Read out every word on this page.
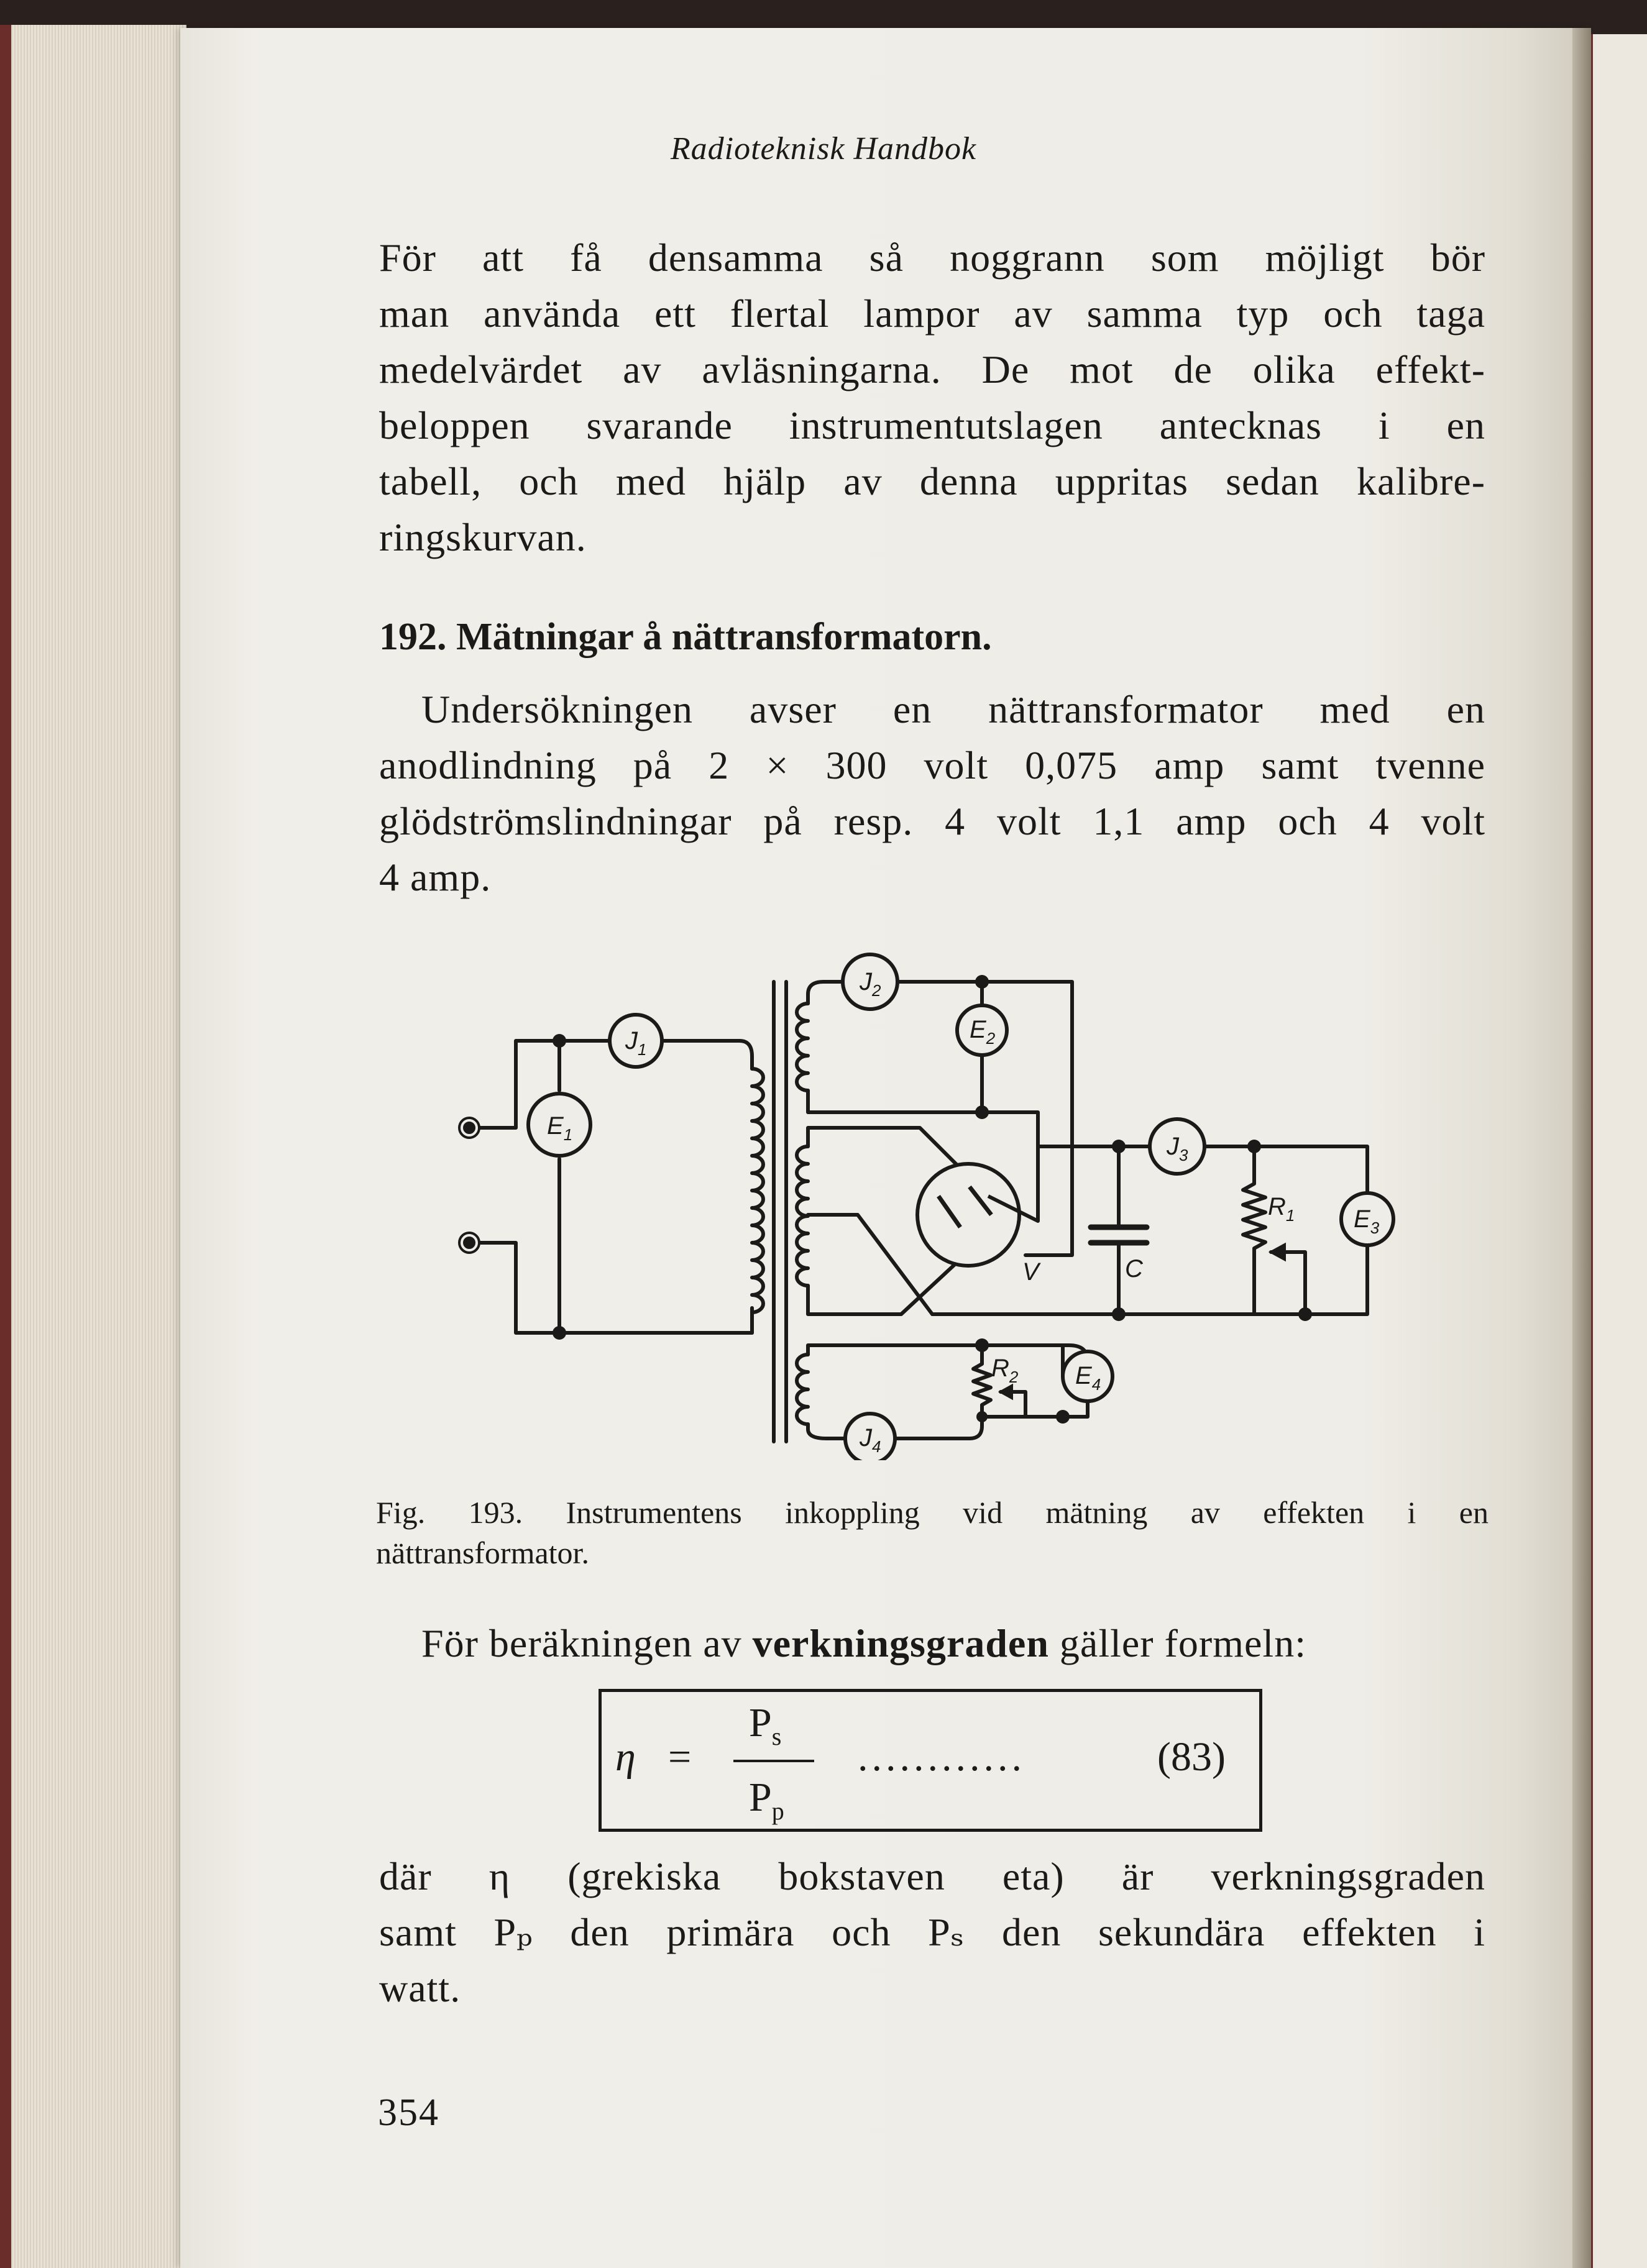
Radioteknisk Handbok
För att få densamma så noggrann som möjligt bör
man använda ett flertal lampor av samma typ och taga
medelvärdet av avläsningarna. De mot de olika effekt-
beloppen svarande instrumentutslagen antecknas i en
tabell, och med hjälp av denna uppritas sedan kalibre-
ringskurvan.
192. Mätningar å nättransformatorn.
Undersökningen avser en nättransformator med en
anodlindning på 2 × 300 volt 0,075 amp samt tvenne
glödströmslindningar på resp. 4 volt 1,1 amp och 4 volt
4 amp.
$J_1$
$E_1$
$J_2$
$E_2$
$J_3$
$E_3$
$E_4$
$J_4$
$R_1$
$R_2$
V	C
Fig. 193. Instrumentens inkoppling vid mätning av effekten i en
nättransformator.
För beräkningen av verkningsgraden gäller formeln:
η =
$P_s$
$P_p$
............	(83)
där η (grekiska bokstaven eta) är verkningsgraden
samt Pₚ den primära och Pₛ den sekundära effekten i
watt.
354
